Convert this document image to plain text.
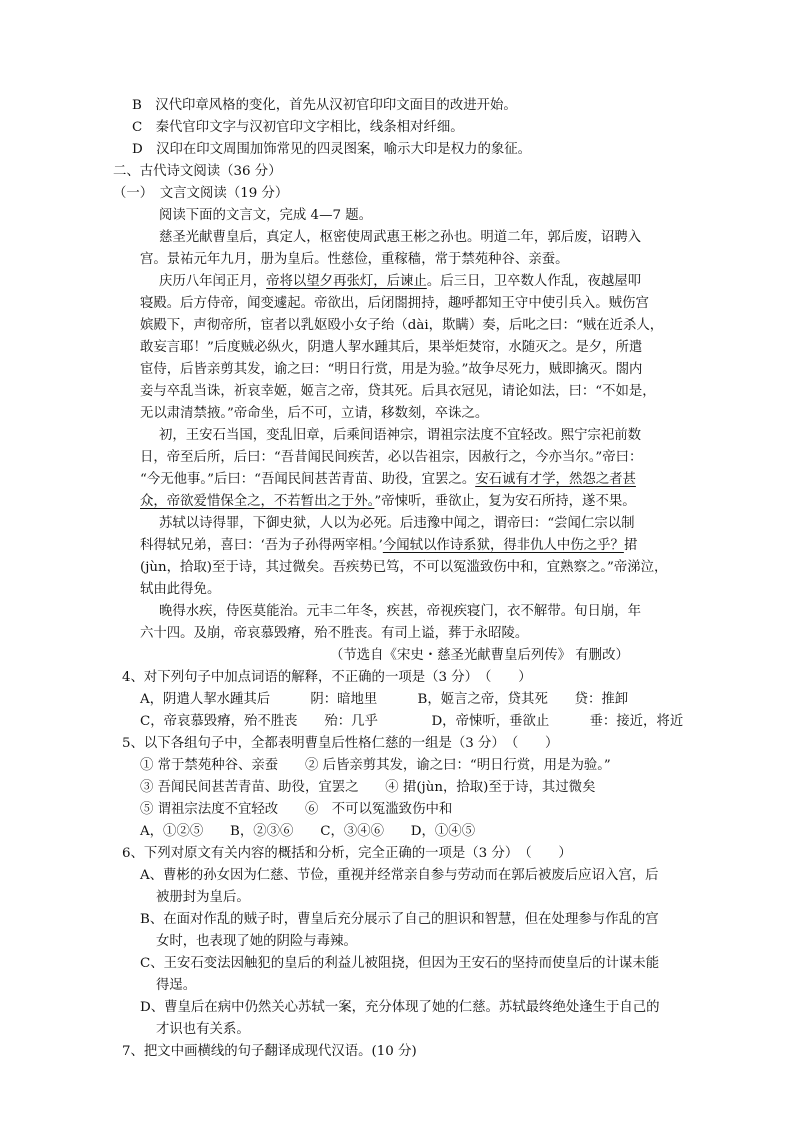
B　汉代印章风格的变化，首先从汉初官印印文面目的改进开始。
C　秦代官印文字与汉初官印文字相比，线条相对纤细。
D　汉印在印文周围加饰常见的四灵图案，喻示大印是权力的象征。
二、古代诗文阅读（36 分）
（一）　文言文阅读（19 分）
阅读下面的文言文，完成 4—7 题。
慈圣光献曹皇后，真定人，枢密使周武惠王彬之孙也。明道二年，郭后废，诏聘入
宫。景祐元年九月，册为皇后。性慈俭，重稼穑，常于禁苑种谷、亲蚕。
庆历八年闰正月，帝将以望夕再张灯，后谏止。后三日，卫卒数人作乱，夜越屋叩
寝殿。后方侍帝，闻变遽起。帝欲出，后闭閤拥持，趣呼都知王守中使引兵入。贼伤宫
嫔殿下，声彻帝所，宦者以乳妪殴小女子绐（dài，欺瞒）奏，后叱之曰：“贼在近杀人，
敢妄言耶！”后度贼必纵火，阴遣人挈水踵其后，果举炬焚帘，水随灭之。是夕，所遣
宦侍，后皆亲剪其发，谕之曰：“明日行赏，用是为验。”故争尽死力，贼即擒灭。閤内
妾与卒乱当诛，祈哀幸姬，姬言之帝，贷其死。后具衣冠见，请论如法，曰：“不如是，
无以肃清禁掖。”帝命坐，后不可，立请，移数刻，卒诛之。
初，王安石当国，变乱旧章，后乘间语神宗，谓祖宗法度不宜轻改。熙宁宗祀前数
日，帝至后所，后曰：“吾昔闻民间疾苦，必以告祖宗，因赦行之，今亦当尔。”帝曰：
“今无他事。”后曰：“吾闻民间甚苦青苗、助役，宜罢之。安石诚有才学，然怨之者甚
众，帝欲爱惜保全之，不若暂出之于外。”帝悚听，垂欲止，复为安石所持，遂不果。
苏轼以诗得罪，下御史狱，人以为必死。后违豫中闻之，谓帝曰：“尝闻仁宗以制
科得轼兄弟，喜曰：‘吾为子孙得两宰相。’今闻轼以作诗系狱，得非仇人中伤之乎？捃
(jùn，拾取)至于诗，其过微矣。吾疾势已笃，不可以冤滥致伤中和，宜熟察之。”帝涕泣，
轼由此得免。
晚得水疾，侍医莫能治。元丰二年冬，疾甚，帝视疾寝门，衣不解带。旬日崩，年
六十四。及崩，帝哀慕毁瘠，殆不胜丧。有司上谥，葬于永昭陵。
（节选自《宋史・慈圣光献曹皇后列传》 有删改）
4、对下列句子中加点词语的解释，不正确的一项是（3 分）　（　　）
A，阴遣人挈水踵其后　　　阴：暗地里　　　B，姬言之帝，贷其死　　贷：推卸
C，帝哀慕毁瘠，殆不胜丧　　殆：几乎　　　　D，帝悚听，垂欲止　　　垂：接近，将近
5、以下各组句子中，全都表明曹皇后性格仁慈的一组是（3 分）　（　　）
① 常于禁苑种谷、亲蚕　　② 后皆亲剪其发，谕之曰：“明日行赏，用是为验。”
③ 吾闻民间甚苦青苗、助役，宜罢之　　④ 捃(jùn，拾取)至于诗，其过微矣
⑤ 谓祖宗法度不宜轻改　　⑥　不可以冤滥致伤中和
A，①②⑤　　B，②③⑥　　C，③④⑥　　D，①④⑤
6、下列对原文有关内容的概括和分析，完全正确的一项是（3 分）　（　　）
A、曹彬的孙女因为仁慈、节俭，重视并经常亲自参与劳动而在郭后被废后应诏入宫，后
被册封为皇后。
B、在面对作乱的贼子时，曹皇后充分展示了自己的胆识和智慧，但在处理参与作乱的宫
女时，也表现了她的阴险与毒辣。
C、王安石变法因触犯的皇后的利益儿被阻挠，但因为王安石的坚持而使皇后的计谋未能
得逞。
D、曹皇后在病中仍然关心苏轼一案，充分体现了她的仁慈。苏轼最终绝处逢生于自己的
才识也有关系。
7、把文中画横线的句子翻译成现代汉语。(10 分)
